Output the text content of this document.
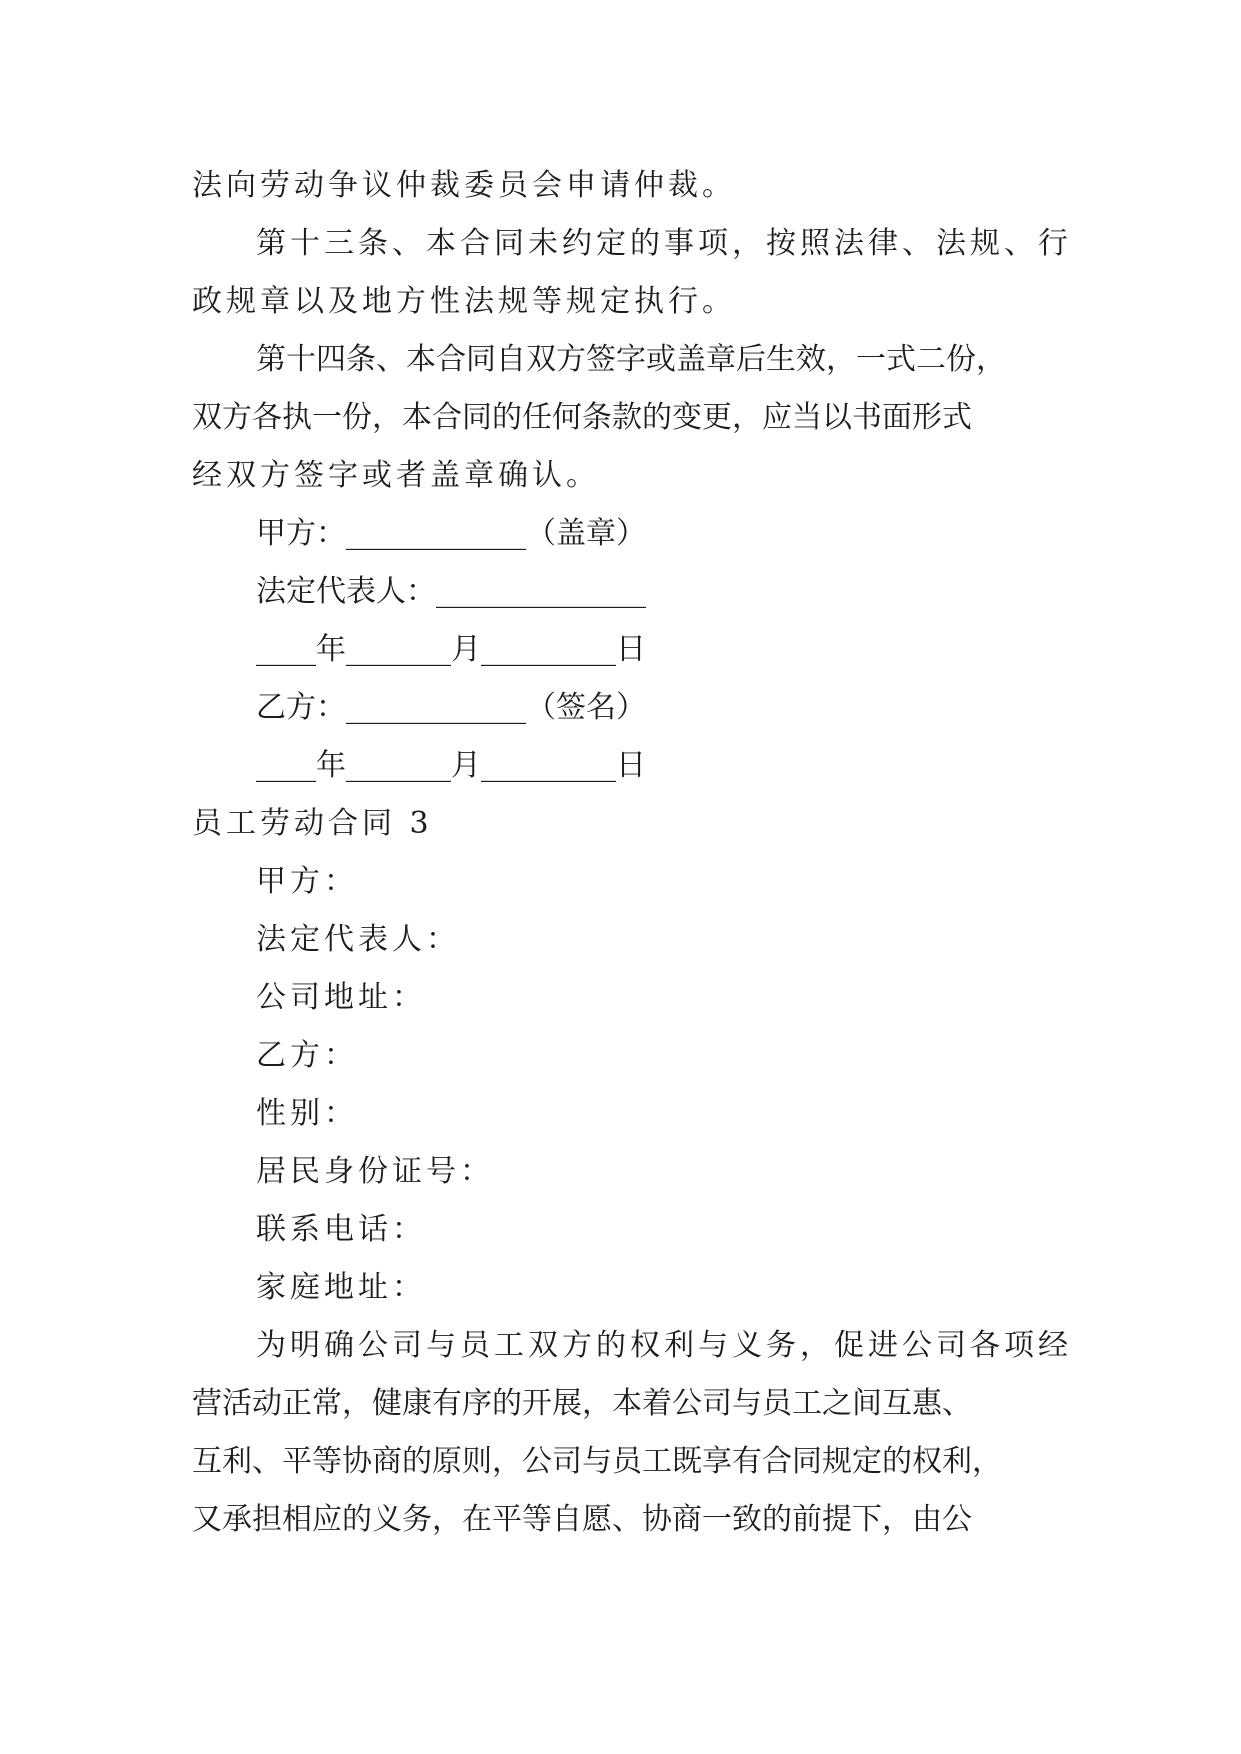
法向劳动争议仲裁委员会申请仲裁。
第十三条、本合同未约定的事项，按照法律、法规、行
政规章以及地方性法规等规定执行。
第十四条、本合同自双方签字或盖章后生效，一式二份，
双方各执一份，本合同的任何条款的变更，应当以书面形式
经双方签字或者盖章确认。
甲方：____________（盖章）
法定代表人：______________
____年_______月_________日
乙方：____________（签名）
____年_______月_________日
员工劳动合同 3
甲方：
法定代表人：
公司地址：
乙方：
性别：
居民身份证号：
联系电话：
家庭地址：
为明确公司与员工双方的权利与义务，促进公司各项经
营活动正常，健康有序的开展，本着公司与员工之间互惠、
互利、平等协商的原则，公司与员工既享有合同规定的权利，
又承担相应的义务，在平等自愿、协商一致的前提下，由公
